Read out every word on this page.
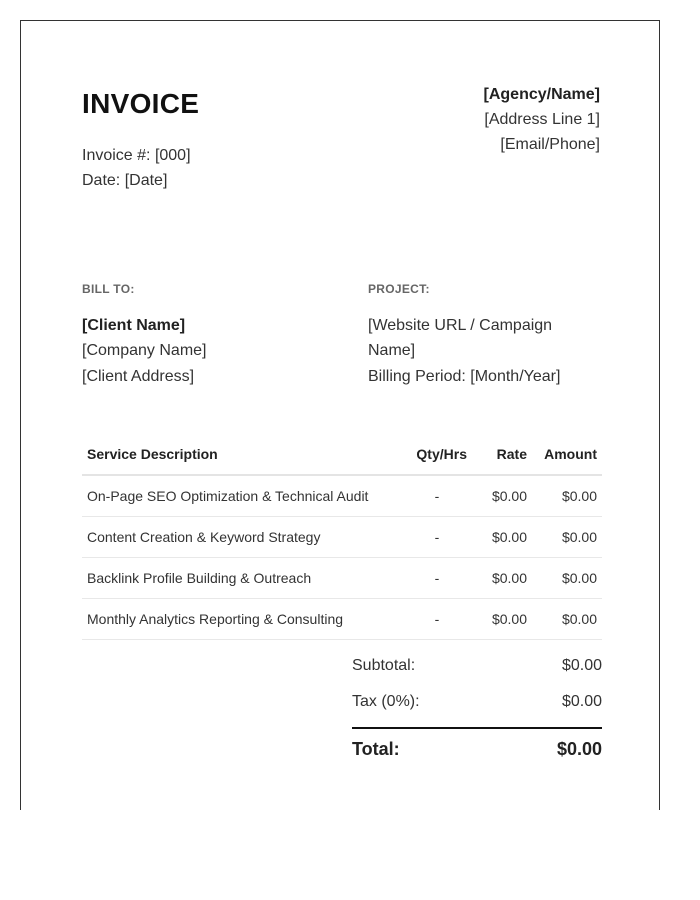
INVOICE
Invoice #: [000]
Date: [Date]
[Agency/Name]
[Address Line 1]
[Email/Phone]
BILL TO:
[Client Name]
[Company Name]
[Client Address]
PROJECT:
[Website URL / Campaign Name]
Billing Period: [Month/Year]
Service Description	Qty/Hrs	Rate	Amount
On-Page SEO Optimization & Technical Audit	-	$0.00	$0.00
Content Creation & Keyword Strategy	-	$0.00	$0.00
Backlink Profile Building & Outreach	-	$0.00	$0.00
Monthly Analytics Reporting & Consulting	-	$0.00	$0.00
Subtotal:	$0.00
Tax (0%):	$0.00
Total:	$0.00
